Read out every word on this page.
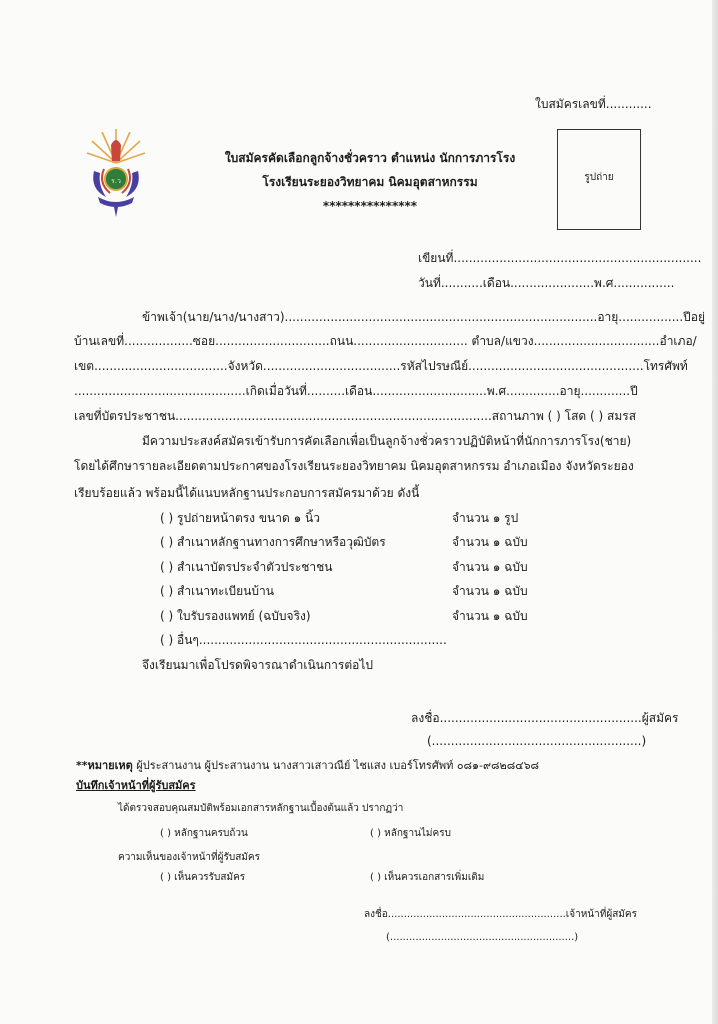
ใบสมัครเลขที่............
ร.ว
ใบสมัครคัดเลือกลูกจ้างชั่วคราว ตำแหน่ง นักการภารโรง
โรงเรียนระยองวิทยาคม นิคมอุตสาหกรรม
***************
รูปถ่าย
เขียนที่.................................................................
วันที่...........เดือน......................พ.ศ................
ข้าพเจ้า(นาย/นาง/นางสาว)..................................................................................อายุ.................ปีอยู่
บ้านเลขที่..................ซอย..............................ถนน.............................. ตำบล/แขวง.................................อำเภอ/
เขต...................................จังหวัด....................................รหัสไปรษณีย์..............................................โทรศัพท์
.............................................เกิดเมื่อวันที่..........เดือน..............................พ.ศ..............อายุ.............ปี
เลขที่บัตรประชาชน...................................................................................สถานภาพ ( ) โสด ( ) สมรส
มีความประสงค์สมัครเข้ารับการคัดเลือกเพื่อเป็นลูกจ้างชั่วคราวปฏิบัติหน้าที่นักการภารโรง(ชาย)
โดยได้ศึกษารายละเอียดตามประกาศของโรงเรียนระยองวิทยาคม นิคมอุตสาหกรรม อำเภอเมือง จังหวัดระยอง
เรียบร้อยแล้ว พร้อมนี้ได้แนบหลักฐานประกอบการสมัครมาด้วย ดังนี้
( ) รูปถ่ายหน้าตรง ขนาด ๑ นิ้ว	จำนวน ๑ รูป
( ) สำเนาหลักฐานทางการศึกษาหรือวุฒิบัตร	จำนวน ๑ ฉบับ
( ) สำเนาบัตรประจำตัวประชาชน	จำนวน ๑ ฉบับ
( ) สำเนาทะเบียนบ้าน	จำนวน ๑ ฉบับ
( ) ใบรับรองแพทย์ (ฉบับจริง)	จำนวน ๑ ฉบับ
( ) อื่นๆ.................................................................
จึงเรียนมาเพื่อโปรดพิจารณาดำเนินการต่อไป
ลงชื่อ.....................................................ผู้สมัคร
(.......................................................)
**หมายเหตุ ผู้ประสานงาน ผู้ประสานงาน นางสาวเสาวณีย์ ไชแสง เบอร์โทรศัพท์ ๐๘๑-๙๘๒๘๔๖๘
บันทึกเจ้าหน้าที่ผู้รับสมัคร
ได้ตรวจสอบคุณสมบัติพร้อมเอกสารหลักฐานเบื้องต้นแล้ว ปรากฏว่า
( ) หลักฐานครบถ้วน	( ) หลักฐานไม่ครบ
ความเห็นของเจ้าหน้าที่ผู้รับสมัคร
( ) เห็นควรรับสมัคร	( ) เห็นควรเอกสารเพิ่มเติม
ลงชื่อ........................................................เจ้าหน้าที่ผู้สมัคร
(..........................................................)
